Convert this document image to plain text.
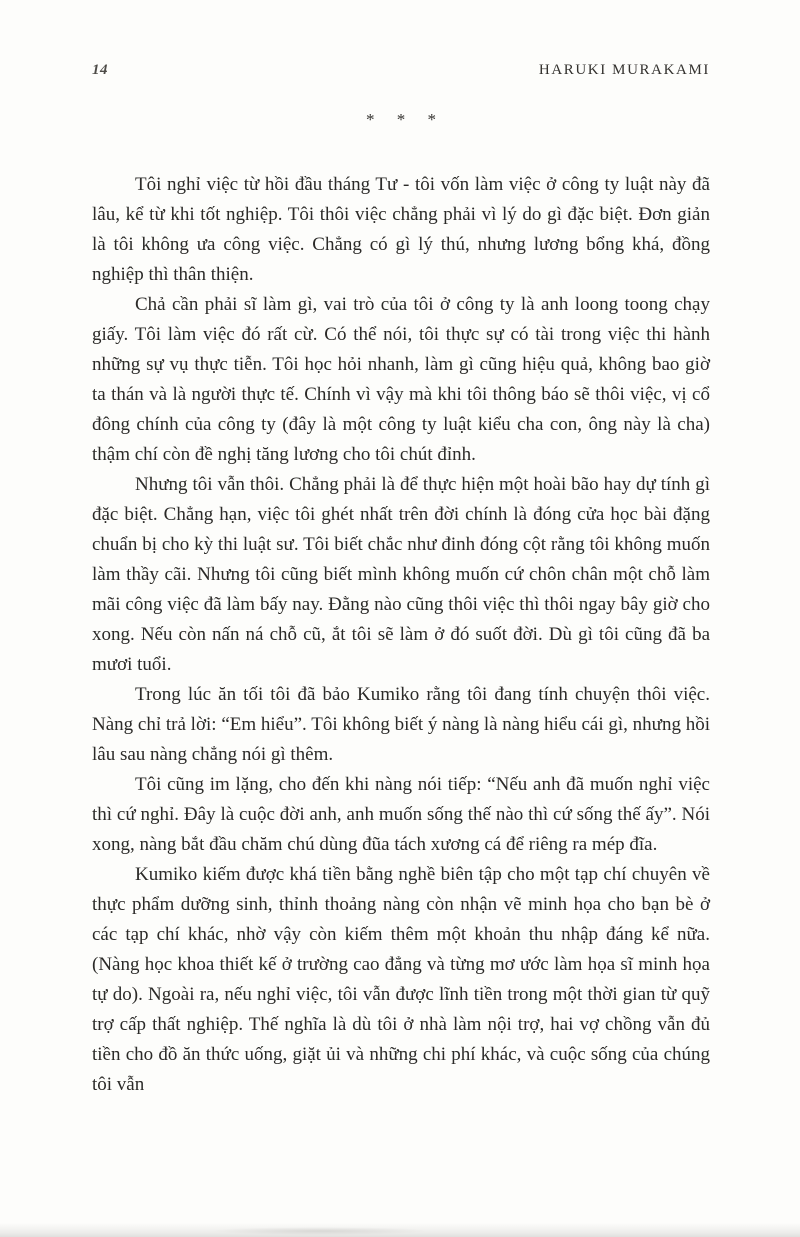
14	HARUKI MURAKAMI
* * *

Tôi nghỉ việc từ hồi đầu tháng Tư - tôi vốn làm việc ở công ty luật này đã lâu, kể từ khi tốt nghiệp. Tôi thôi việc chẳng phải vì lý do gì đặc biệt. Đơn giản là tôi không ưa công việc. Chẳng có gì lý thú, nhưng lương bổng khá, đồng nghiệp thì thân thiện.

Chả cần phải sĩ làm gì, vai trò của tôi ở công ty là anh loong toong chạy giấy. Tôi làm việc đó rất cừ. Có thể nói, tôi thực sự có tài trong việc thi hành những sự vụ thực tiễn. Tôi học hỏi nhanh, làm gì cũng hiệu quả, không bao giờ ta thán và là người thực tế. Chính vì vậy mà khi tôi thông báo sẽ thôi việc, vị cổ đông chính của công ty (đây là một công ty luật kiểu cha con, ông này là cha) thậm chí còn đề nghị tăng lương cho tôi chút đỉnh.

Nhưng tôi vẫn thôi. Chẳng phải là để thực hiện một hoài bão hay dự tính gì đặc biệt. Chẳng hạn, việc tôi ghét nhất trên đời chính là đóng cửa học bài đặng chuẩn bị cho kỳ thi luật sư. Tôi biết chắc như đinh đóng cột rằng tôi không muốn làm thầy cãi. Nhưng tôi cũng biết mình không muốn cứ chôn chân một chỗ làm mãi công việc đã làm bấy nay. Đằng nào cũng thôi việc thì thôi ngay bây giờ cho xong. Nếu còn nấn ná chỗ cũ, ắt tôi sẽ làm ở đó suốt đời. Dù gì tôi cũng đã ba mươi tuổi.

Trong lúc ăn tối tôi đã bảo Kumiko rằng tôi đang tính chuyện thôi việc. Nàng chỉ trả lời: “Em hiểu”. Tôi không biết ý nàng là nàng hiểu cái gì, nhưng hồi lâu sau nàng chẳng nói gì thêm.

Tôi cũng im lặng, cho đến khi nàng nói tiếp: “Nếu anh đã muốn nghỉ việc thì cứ nghỉ. Đây là cuộc đời anh, anh muốn sống thế nào thì cứ sống thế ấy”. Nói xong, nàng bắt đầu chăm chú dùng đũa tách xương cá để riêng ra mép đĩa.

Kumiko kiếm được khá tiền bằng nghề biên tập cho một tạp chí chuyên về thực phẩm dưỡng sinh, thỉnh thoảng nàng còn nhận vẽ minh họa cho bạn bè ở các tạp chí khác, nhờ vậy còn kiếm thêm một khoản thu nhập đáng kể nữa. (Nàng học khoa thiết kế ở trường cao đẳng và từng mơ ước làm họa sĩ minh họa tự do). Ngoài ra, nếu nghỉ việc, tôi vẫn được lĩnh tiền trong một thời gian từ quỹ trợ cấp thất nghiệp. Thế nghĩa là dù tôi ở nhà làm nội trợ, hai vợ chồng vẫn đủ tiền cho đồ ăn thức uống, giặt ủi và những chi phí khác, và cuộc sống của chúng tôi vẫn
